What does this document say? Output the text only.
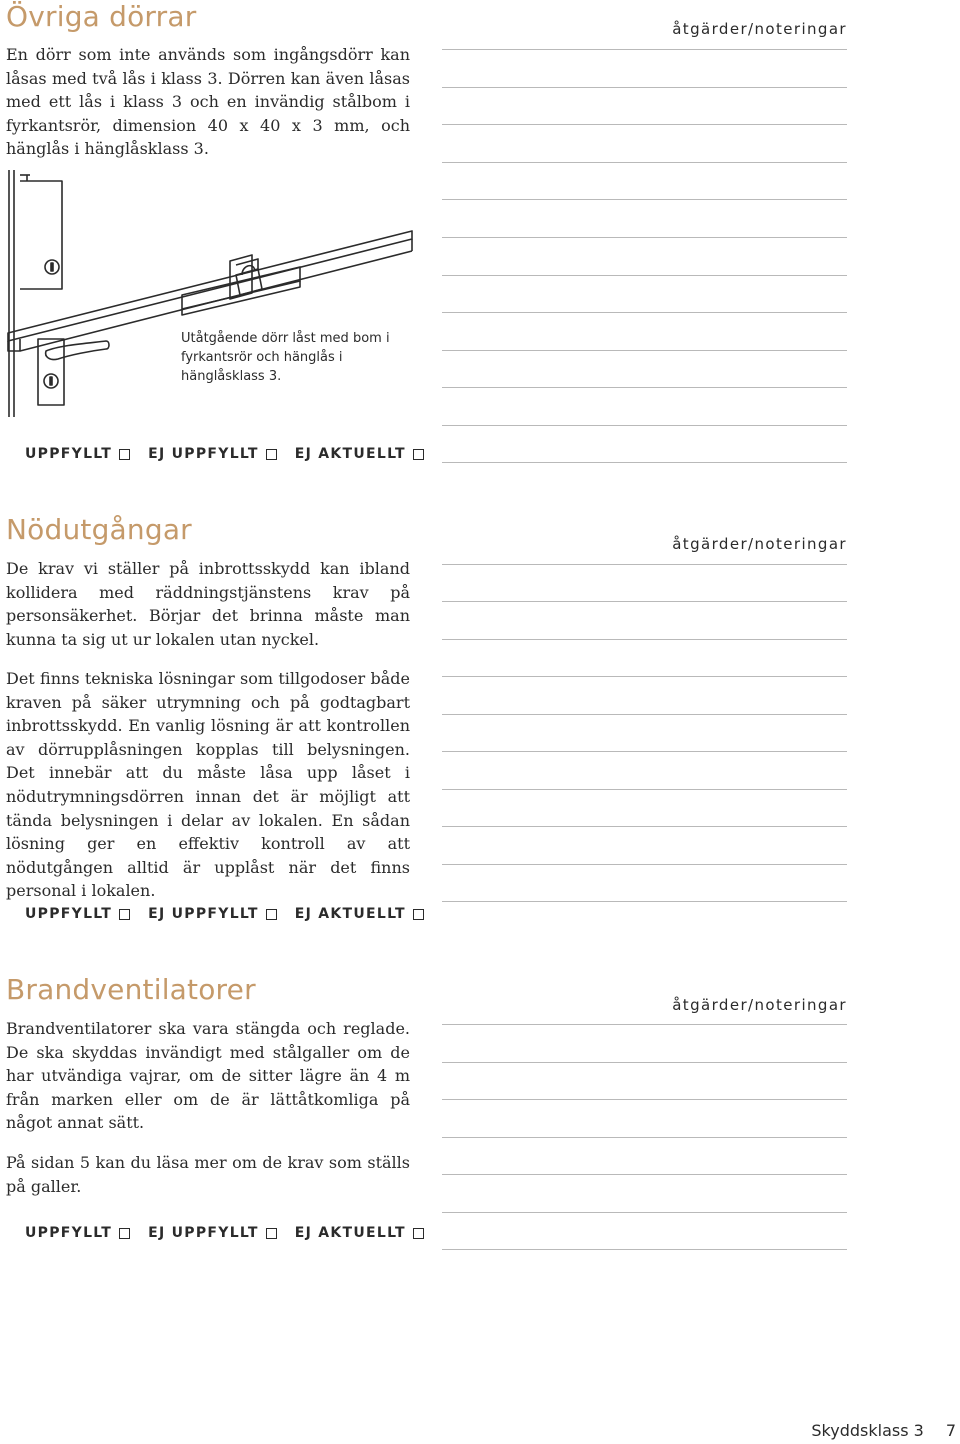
Övriga dörrar

En dörr som inte används som ingångsdörr kan låsas med två lås i klass 3. Dörren kan även låsas med ett lås i klass 3 och en invändig stålbom i fyrkantsrör, dimension 40 x 40 x 3 mm, och hänglås i hänglåsklass 3.

åtgärder/noteringar

Utåtgående dörr låst med bom i fyrkantsrör och hänglås i hänglåsklass 3.

UPPFYLLT	EJ UPPFYLLT	EJ AKTUELLT
Nödutgångar

De krav vi ställer på inbrottsskydd kan ibland kollidera med räddningstjänstens krav på personsäkerhet. Börjar det brinna måste man kunna ta sig ut ur lokalen utan nyckel.

Det finns tekniska lösningar som tillgodoser både kraven på säker utrymning och på godtagbart inbrottsskydd. En vanlig lösning är att kontrollen av dörrupplåsningen kopplas till belysningen. Det innebär att du måste låsa upp låset i nödutrymningsdörren innan det är möjligt att tända belysningen i delar av lokalen. En sådan lösning ger en effektiv kontroll av att nödutgången alltid är upplåst när det finns personal i lokalen.

åtgärder/noteringar
UPPFYLLT	EJ UPPFYLLT	EJ AKTUELLT
Brandventilatorer

Brandventilatorer ska vara stängda och reglade. De ska skyddas invändigt med stålgaller om de har utvändiga vajrar, om de sitter lägre än 4 m från marken eller om de är lättåtkomliga på något annat sätt.

På sidan 5 kan du läsa mer om de krav som ställs på galler.

åtgärder/noteringar
UPPFYLLT	EJ UPPFYLLT	EJ AKTUELLT
Skyddsklass 3 7
